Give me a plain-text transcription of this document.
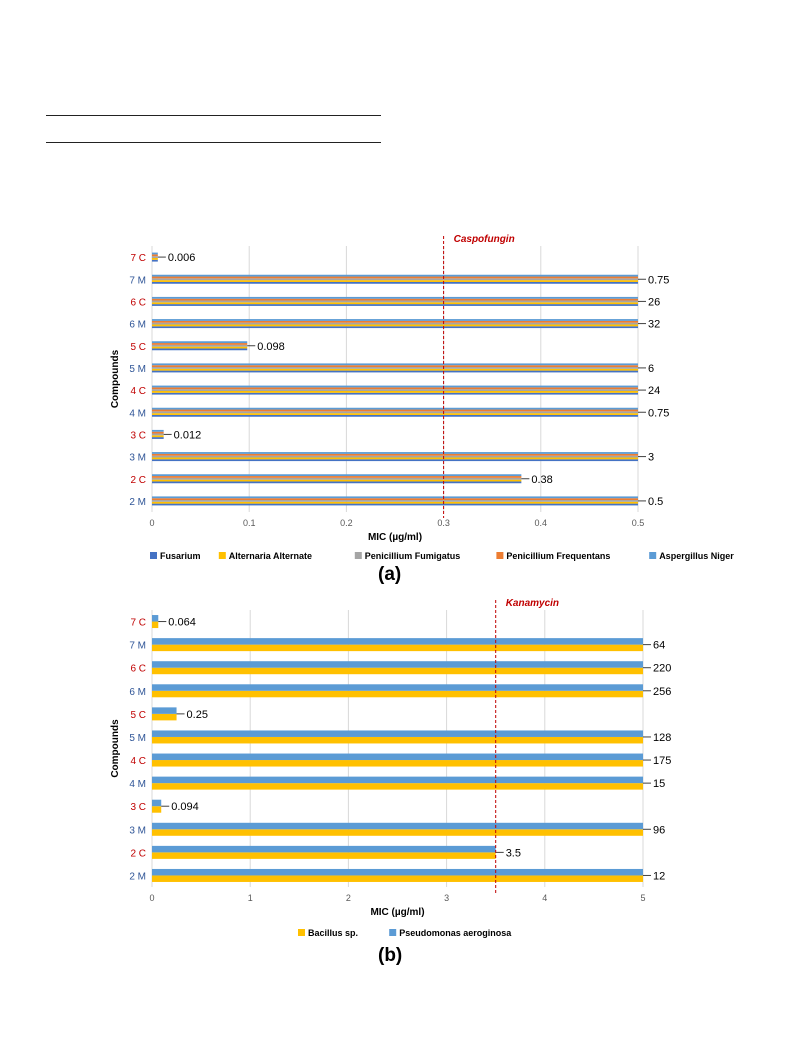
0	0.1	0.2	0.3	0.4	0.5
2 M	0.5
2 C	0.38
3 M	3
3 C	0.012
4 M	0.75
4 C	24
5 M	6
5 C	0.098
6 M	32
6 C	26
7 M	0.75
7 C 0.006
Caspofungin
MIC (µg/ml)
Compounds
Fusarium	Alternaria Alternate	Penicillium Fumigatus	Penicillium Frequentans	Aspergillus Niger
(a)
0	1	2	3	4	5
2 M	12
2 C	3.5
3 M	96
3 C 0.094
4 M	15
4 C	175
5 M	128
5 C	0.25
6 M	256
6 C	220
7 M	64
7 C 0.064
Kanamycin
MIC (µg/ml)
Compounds
Bacillus sp.	Pseudomonas aeroginosa
(b)
